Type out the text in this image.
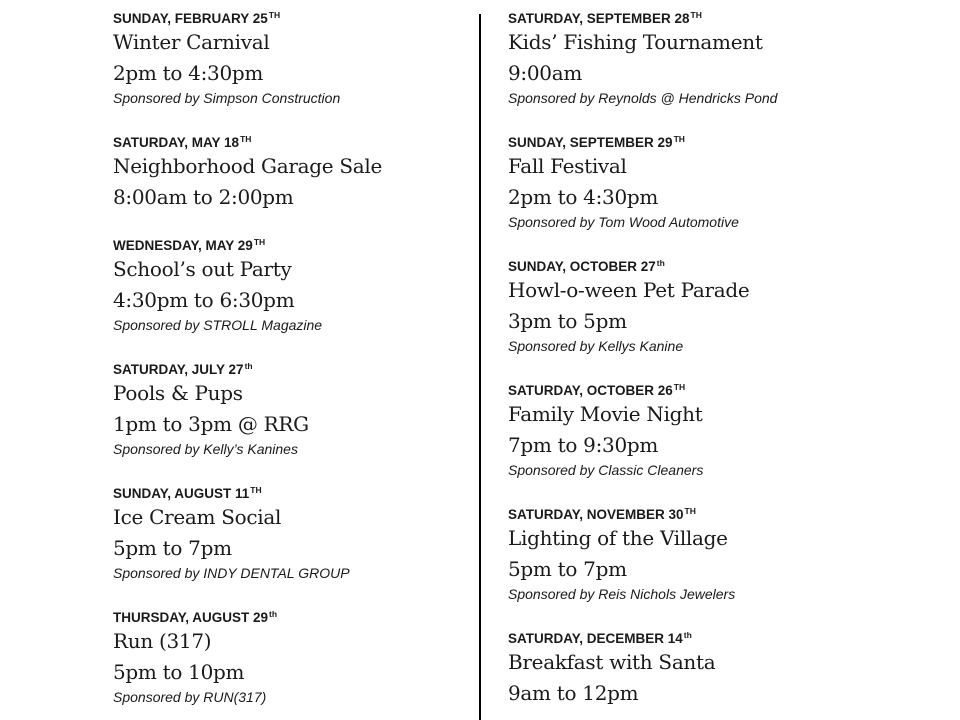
SUNDAY, FEBRUARY 25TH
Winter Carnival
2pm to 4:30pm
Sponsored by Simpson Construction
SATURDAY, MAY 18TH
Neighborhood Garage Sale
8:00am to 2:00pm
WEDNESDAY, MAY 29TH
School’s out Party
4:30pm to 6:30pm
Sponsored by STROLL Magazine
SATURDAY, JULY 27th
Pools & Pups
1pm to 3pm @ RRG
Sponsored by Kelly’s Kanines
SUNDAY, AUGUST 11TH
Ice Cream Social
5pm to 7pm
Sponsored by INDY DENTAL GROUP
THURSDAY, AUGUST 29th
Run (317)
5pm to 10pm
Sponsored by RUN(317)
SATURDAY, SEPTEMBER 28TH
Kids’ Fishing Tournament
9:00am
Sponsored by Reynolds @ Hendricks Pond
SUNDAY, SEPTEMBER 29TH
Fall Festival
2pm to 4:30pm
Sponsored by Tom Wood Automotive
SUNDAY, OCTOBER 27th
Howl-o-ween Pet Parade
3pm to 5pm
Sponsored by Kellys Kanine
SATURDAY, OCTOBER 26TH
Family Movie Night
7pm to 9:30pm
Sponsored by Classic Cleaners
SATURDAY, NOVEMBER 30TH
Lighting of the Village
5pm to 7pm
Sponsored by Reis Nichols Jewelers
SATURDAY, DECEMBER 14th
Breakfast with Santa
9am to 12pm
